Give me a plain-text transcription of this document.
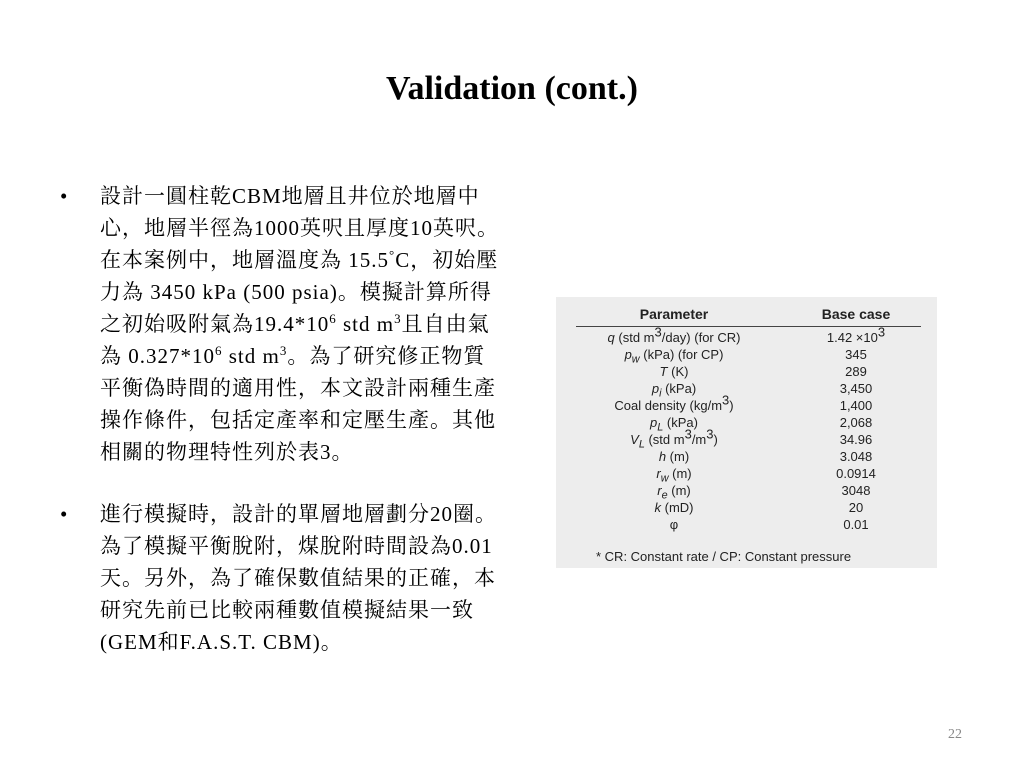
Validation (cont.)
• 設計一圓柱乾CBM地層且井位於地層中心，地層半徑為1000英呎且厚度10英呎。在本案例中，地層溫度為 15.5°C，初始壓力為 3450 kPa (500 psia)。模擬計算所得之初始吸附氣為$19.4*10^6$ std $m^3$且自由氣為 $0.327*10^6$ std $m^3$。為了研究修正物質平衡偽時間的適用性，本文設計兩種生產操作條件，包括定產率和定壓生產。其他相關的物理特性列於表3。
• 進行模擬時，設計的單層地層劃分20圈。為了模擬平衡脫附，煤脫附時間設為0.01天。另外，為了確保數值結果的正確，本研究先前已比較兩種數值模擬結果一致(GEM和F.A.S.T. CBM)。
Parameter	Base case
q (std $m^3/day$) (for CR)	$1.42 \times 10^3$
$p_w$ (kPa) (for CP)	345
T (K)	289
$p_i$ (kPa)	3,450
Coal density $(kg/m^3)$	1,400
$p_L$ (kPa)	2,068
$V_L$ (std $m^3/m^3$)	34.96
h (m)	3.048
$r_w$ (m)	0.0914
$r_e$ (m)	3048
k (mD)	20
φ	0.01
* CR: Constant rate / CP: Constant pressure
22
